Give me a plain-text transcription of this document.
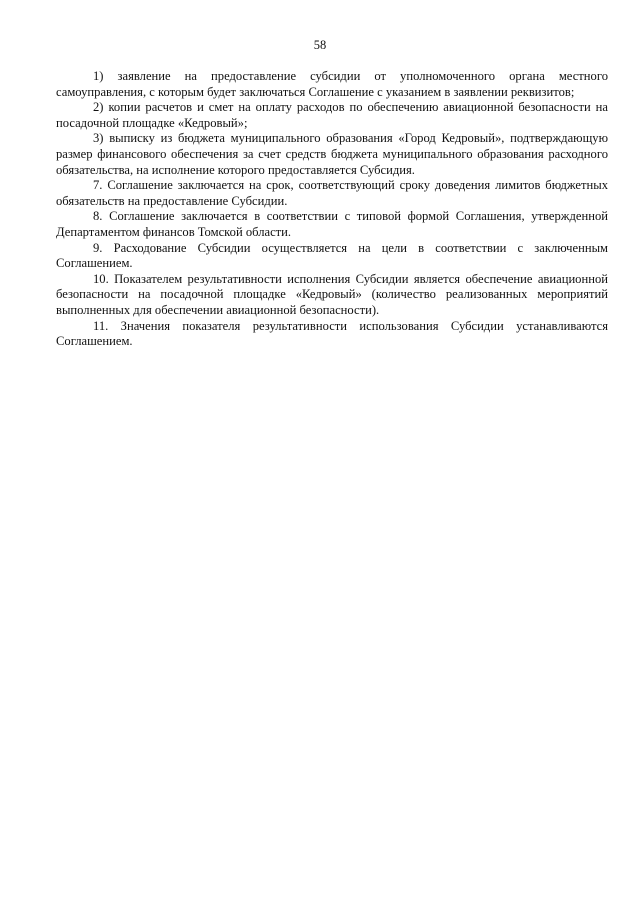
58

1) заявление на предоставление субсидии от уполномоченного органа местного самоуправления, с которым будет заключаться Соглашение с указанием в заявлении реквизитов;

2) копии расчетов и смет на оплату расходов по обеспечению авиационной безопасности на посадочной площадке «Кедровый»;

3) выписку из бюджета муниципального образования «Город Кедровый», подтверждающую размер финансового обеспечения за счет средств бюджета муниципального образования расходного обязательства, на исполнение которого предоставляется Субсидия.

7. Соглашение заключается на срок, соответствующий сроку доведения лимитов бюджетных обязательств на предоставление Субсидии.

8. Соглашение заключается в соответствии с типовой формой Соглашения, утвержденной Департаментом финансов Томской области.

9. Расходование Субсидии осуществляется на цели в соответствии с заключенным Соглашением.

10. Показателем результативности исполнения Субсидии является обеспечение авиационной безопасности на посадочной площадке «Кедровый» (количество реализованных мероприятий выполненных для обеспечении авиационной безопасности).

11. Значения показателя результативности использования Субсидии устанавливаются Соглашением.
